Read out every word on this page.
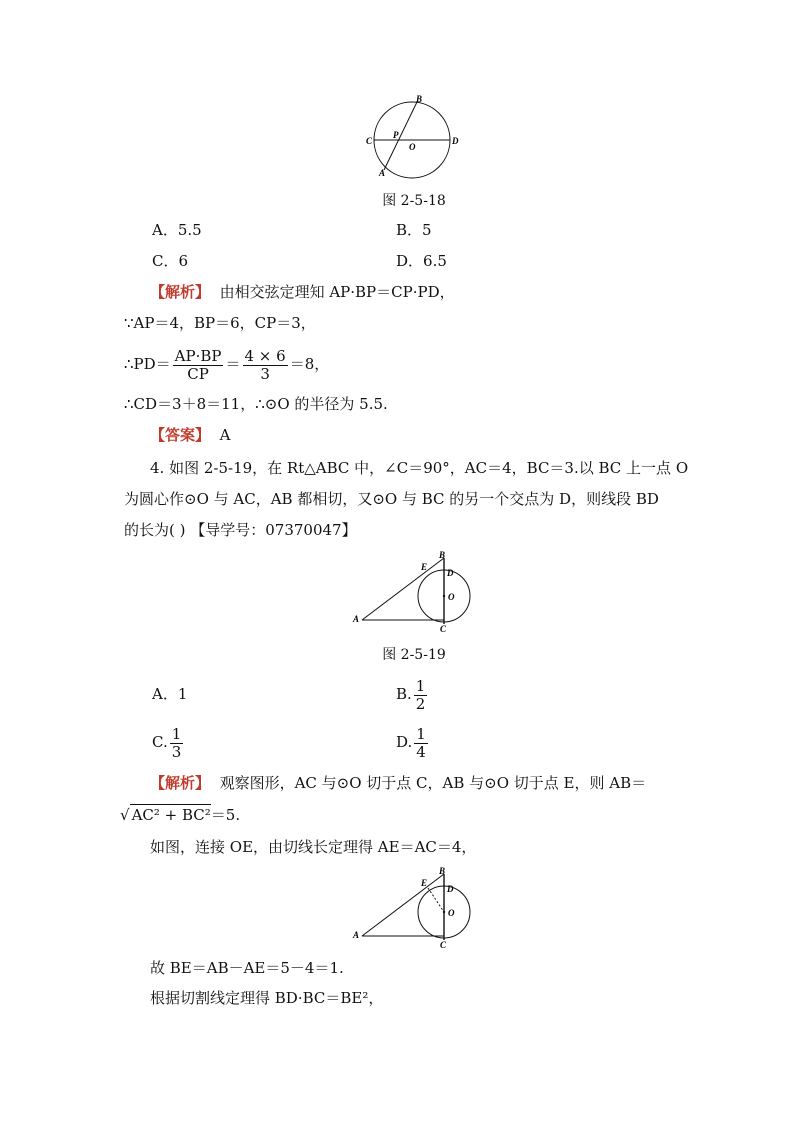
B
P
C
O
D
A
图 2-5-18
A．5.5	B．5
C．6	D．6.5
【解析】 由相交弦定理知 AP·BP＝CP·PD，
∵AP＝4，BP＝6，CP＝3，
∴PD＝ $\frac{AP\cdot BP}{CP} = \frac{4 \times 6}{3} =8$，
∴CD＝3＋8＝11，∴⊙O 的半径为 5.5.
【答案】 A
4. 如图 2-5-19，在 Rt△ABC 中，∠C＝90°，AC＝4，BC＝3.以 BC 上一点 O
为圆心作⊙O 与 AC，AB 都相切，又⊙O 与 BC 的另一个交点为 D，则线段 BD
的长为( ) 【导学号：07370047】
B
E
D
O
A
C
图 2-5-19
A．1	B. $\frac{1}{2}$
C. $\frac{1}{3}$	D. $\frac{1}{4}$
【解析】 观察图形，AC 与⊙O 切于点 C，AB 与⊙O 切于点 E，则 AB＝
√ AC² + BC²＝5.
如图，连接 OE，由切线长定理得 AE＝AC＝4，
B
E
D
O
A
C
故 BE＝AB－AE＝5－4＝1.
根据切割线定理得 BD·BC＝BE²，
